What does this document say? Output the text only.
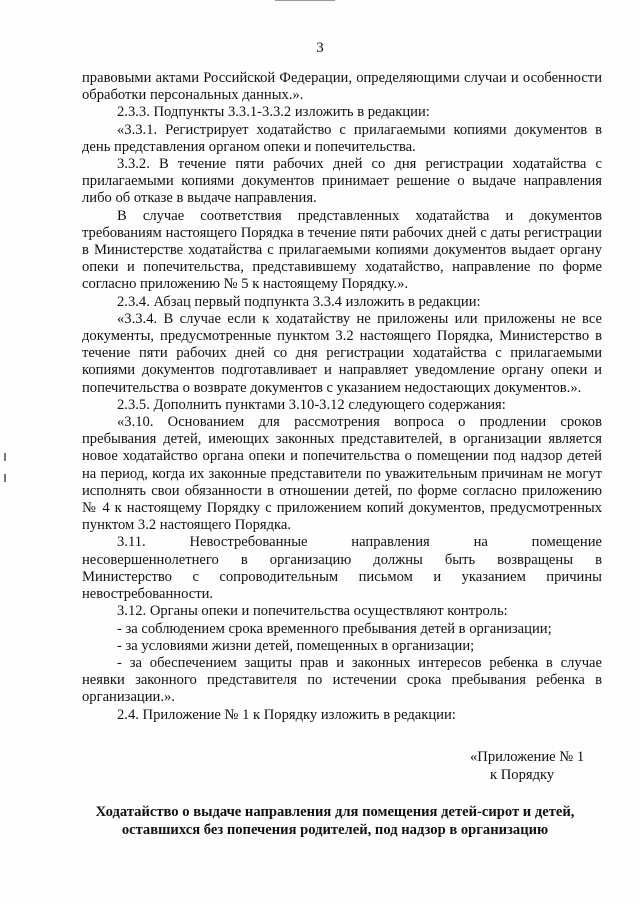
3

правовыми актами Российской Федерации, определяющими случаи и особенности обработки персональных данных.».

2.3.3. Подпункты 3.3.1-3.3.2 изложить в редакции:

«3.3.1. Регистрирует ходатайство с прилагаемыми копиями документов в день представления органом опеки и попечительства.

3.3.2. В течение пяти рабочих дней со дня регистрации ходатайства с прилагаемыми копиями документов принимает решение о выдаче направления либо об отказе в выдаче направления.

В случае соответствия представленных ходатайства и документов требованиям настоящего Порядка в течение пяти рабочих дней с даты регистрации в Министерстве ходатайства с прилагаемыми копиями документов выдает органу опеки и попечительства, представившему ходатайство, направление по форме согласно приложению № 5 к настоящему Порядку.».

2.3.4. Абзац первый подпункта 3.3.4 изложить в редакции:

«3.3.4. В случае если к ходатайству не приложены или приложены не все документы, предусмотренные пунктом 3.2 настоящего Порядка, Министерство в течение пяти рабочих дней со дня регистрации ходатайства с прилагаемыми копиями документов подготавливает и направляет уведомление органу опеки и попечительства о возврате документов с указанием недостающих документов.».

2.3.5. Дополнить пунктами 3.10-3.12 следующего содержания:

«3.10. Основанием для рассмотрения вопроса о продлении сроков пребывания детей, имеющих законных представителей, в организации является новое ходатайство органа опеки и попечительства о помещении под надзор детей на период, когда их законные представители по уважительным причинам не могут исполнять свои обязанности в отношении детей, по форме согласно приложению № 4 к настоящему Порядку с приложением копий документов, предусмотренных пунктом 3.2 настоящего Порядка.

3.11.	Невостребованные	направления	на	помещение
несовершеннолетнего в организацию должны быть возвращены в
Министерство с сопроводительным письмом и указанием причины

невостребованности.

3.12. Органы опеки и попечительства осуществляют контроль:

- за соблюдением срока временного пребывания детей в организации;

- за условиями жизни детей, помещенных в организации;

- за обеспечением защиты прав и законных интересов ребенка в случае неявки законного представителя по истечении срока пребывания ребенка в организации.».

2.4. Приложение № 1 к Порядку изложить в редакции:

«Приложение № 1
к Порядку
Ходатайство о выдаче направления для помещения детей-сирот и детей,
оставшихся без попечения родителей, под надзор в организацию
